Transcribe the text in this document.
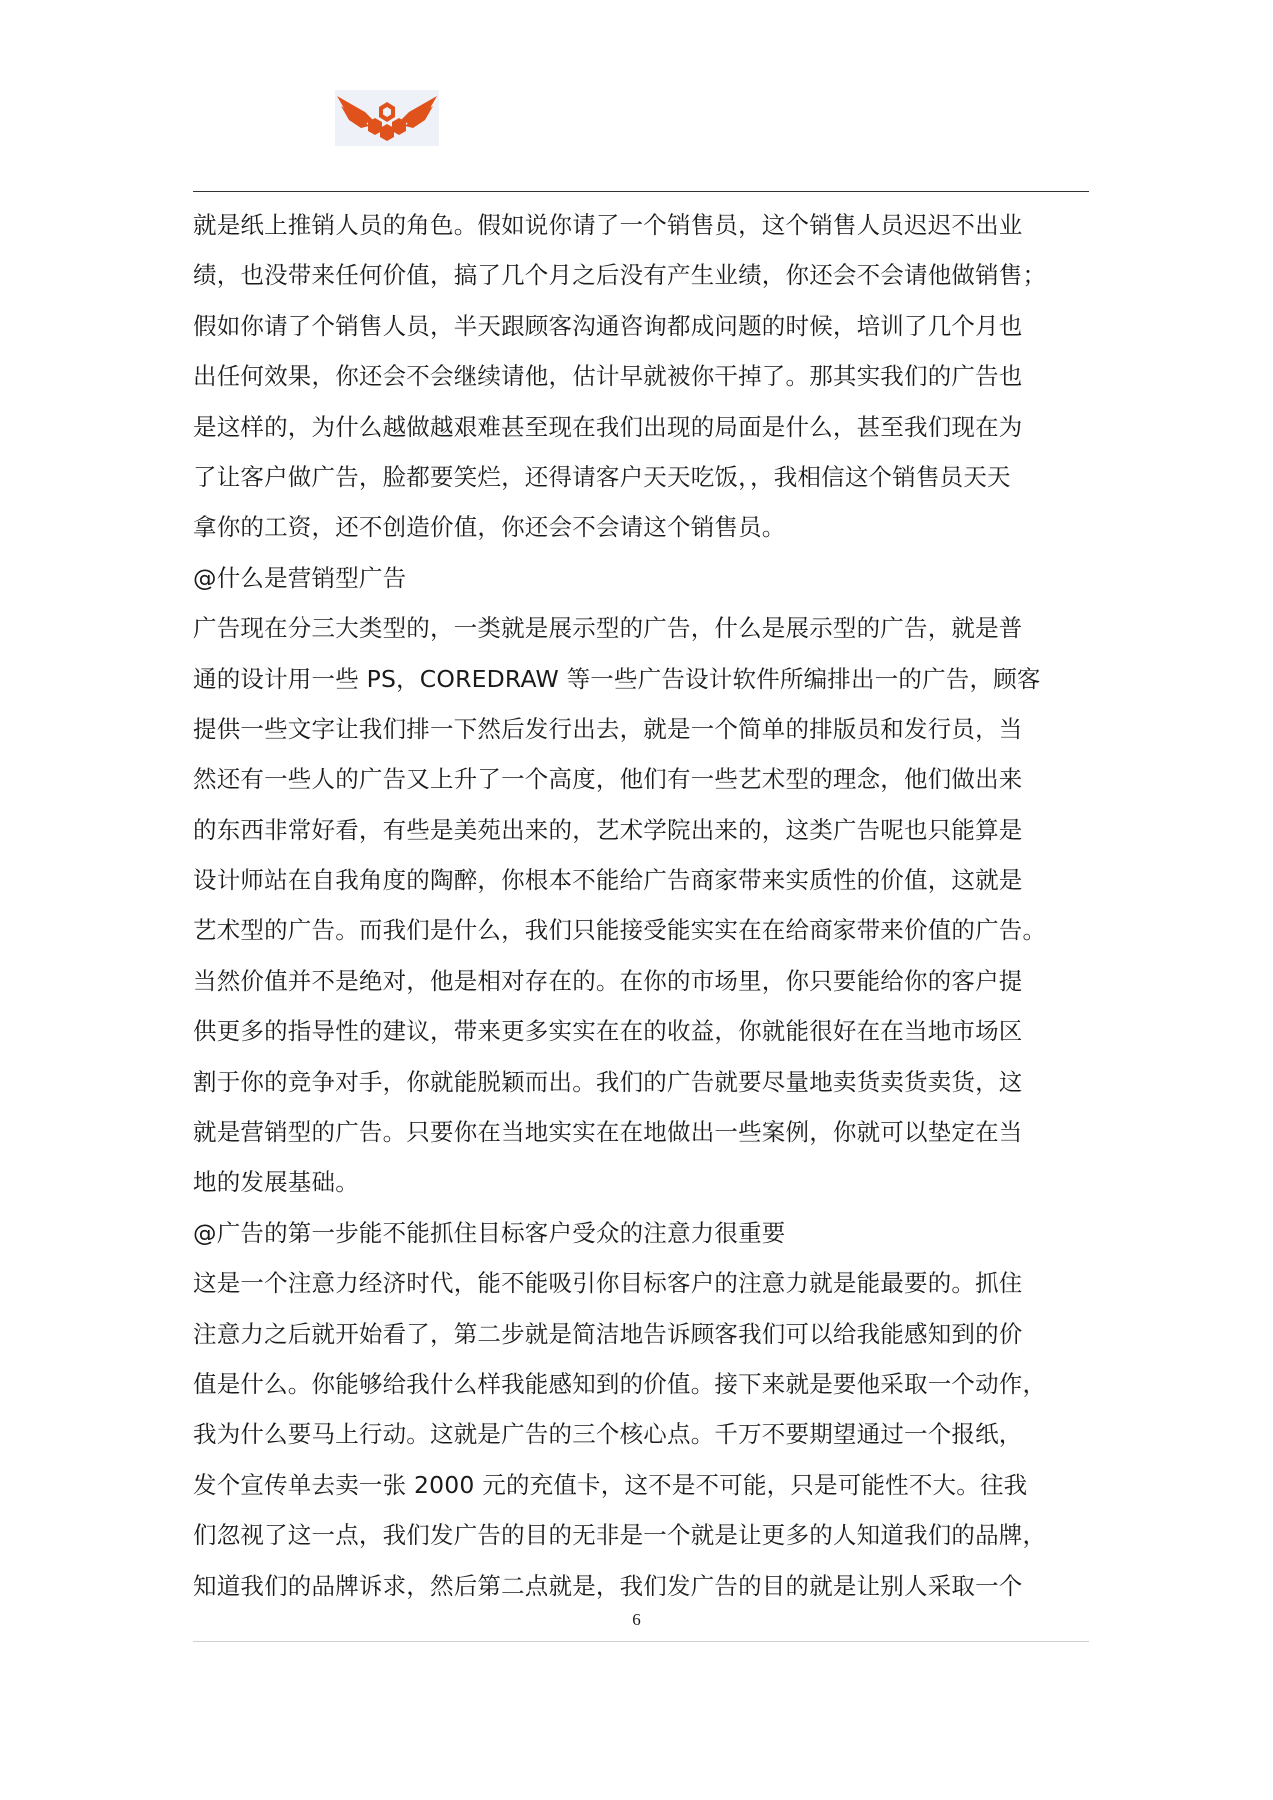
就是纸上推销人员的角色。假如说你请了一个销售员，这个销售人员迟迟不出业
绩，也没带来任何价值，搞了几个月之后没有产生业绩，你还会不会请他做销售；
假如你请了个销售人员，半天跟顾客沟通咨询都成问题的时候，培训了几个月也
出任何效果，你还会不会继续请他，估计早就被你干掉了。那其实我们的广告也
是这样的，为什么越做越艰难甚至现在我们出现的局面是什么，甚至我们现在为
了让客户做广告，脸都要笑烂，还得请客户天天吃饭，，我相信这个销售员天天
拿你的工资，还不创造价值，你还会不会请这个销售员。
@什么是营销型广告
广告现在分三大类型的，一类就是展示型的广告，什么是展示型的广告，就是普
通的设计用一些 PS，COREDRAW 等一些广告设计软件所编排出一的广告，顾客
提供一些文字让我们排一下然后发行出去，就是一个简单的排版员和发行员，当
然还有一些人的广告又上升了一个高度，他们有一些艺术型的理念，他们做出来
的东西非常好看，有些是美苑出来的，艺术学院出来的，这类广告呢也只能算是
设计师站在自我角度的陶醉，你根本不能给广告商家带来实质性的价值，这就是
艺术型的广告。而我们是什么，我们只能接受能实实在在给商家带来价值的广告。
当然价值并不是绝对，他是相对存在的。在你的市场里，你只要能给你的客户提
供更多的指导性的建议，带来更多实实在在的收益，你就能很好在在当地市场区
割于你的竞争对手，你就能脱颖而出。我们的广告就要尽量地卖货卖货卖货，这
就是营销型的广告。只要你在当地实实在在地做出一些案例，你就可以垫定在当
地的发展基础。
@广告的第一步能不能抓住目标客户受众的注意力很重要
这是一个注意力经济时代，能不能吸引你目标客户的注意力就是能最要的。抓住
注意力之后就开始看了，第二步就是简洁地告诉顾客我们可以给我能感知到的价
值是什么。你能够给我什么样我能感知到的价值。接下来就是要他采取一个动作，
我为什么要马上行动。这就是广告的三个核心点。千万不要期望通过一个报纸，
发个宣传单去卖一张 2000 元的充值卡，这不是不可能，只是可能性不大。往我
们忽视了这一点，我们发广告的目的无非是一个就是让更多的人知道我们的品牌，
知道我们的品牌诉求，然后第二点就是，我们发广告的目的就是让别人采取一个
6
